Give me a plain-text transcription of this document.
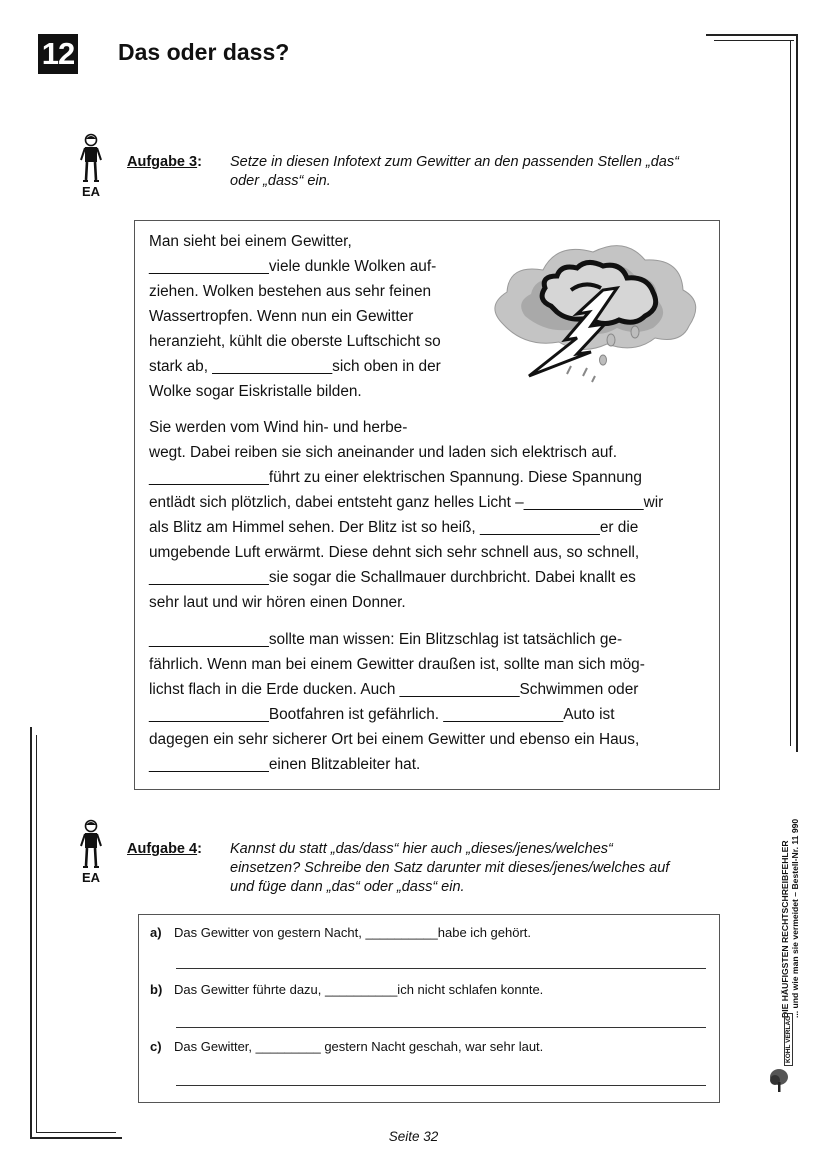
12 Das oder dass?
EA
Aufgabe 3: Setze in diesen Infotext zum Gewitter an den passenden Stellen „das“
oder „dass“ ein.
Man sieht bei einem Gewitter,
______________viele dunkle Wolken auf-
ziehen. Wolken bestehen aus sehr feinen
Wassertropfen. Wenn nun ein Gewitter
heranzieht, kühlt die oberste Luftschicht so
stark ab, ______________sich oben in der
Wolke sogar Eiskristalle bilden.
Sie werden vom Wind hin- und herbe-
wegt. Dabei reiben sie sich aneinander und laden sich elektrisch auf.
______________führt zu einer elektrischen Spannung. Diese Spannung
entlädt sich plötzlich, dabei entsteht ganz helles Licht –______________wir
als Blitz am Himmel sehen. Der Blitz ist so heiß, ______________er die
umgebende Luft erwärmt. Diese dehnt sich sehr schnell aus, so schnell,
______________sie sogar die Schallmauer durchbricht. Dabei knallt es
sehr laut und wir hören einen Donner.
______________sollte man wissen: Ein Blitzschlag ist tatsächlich ge-
fährlich. Wenn man bei einem Gewitter draußen ist, sollte man sich mög-
lichst flach in die Erde ducken. Auch ______________Schwimmen oder
______________Bootfahren ist gefährlich. ______________Auto ist
dagegen ein sehr sicherer Ort bei einem Gewitter und ebenso ein Haus,
______________einen Blitzableiter hat.
EA
Aufgabe 4: Kannst du statt „das/dass“ hier auch „dieses/jenes/welches“
einsetzen? Schreibe den Satz darunter mit dieses/jenes/welches auf
und füge dann „das“ oder „dass“ ein.
a) Das Gewitter von gestern Nacht, __________habe ich gehört.
b) Das Gewitter führte dazu, __________ich nicht schlafen konnte.
c) Das Gewitter, _________ gestern Nacht geschah, war sehr laut.
DIE HÄUFIGSTEN RECHTSCHREIBFEHLER ... und wie man sie vermeidet – Bestell-Nr. 11 990
KOHL VERLAG
Seite 32
